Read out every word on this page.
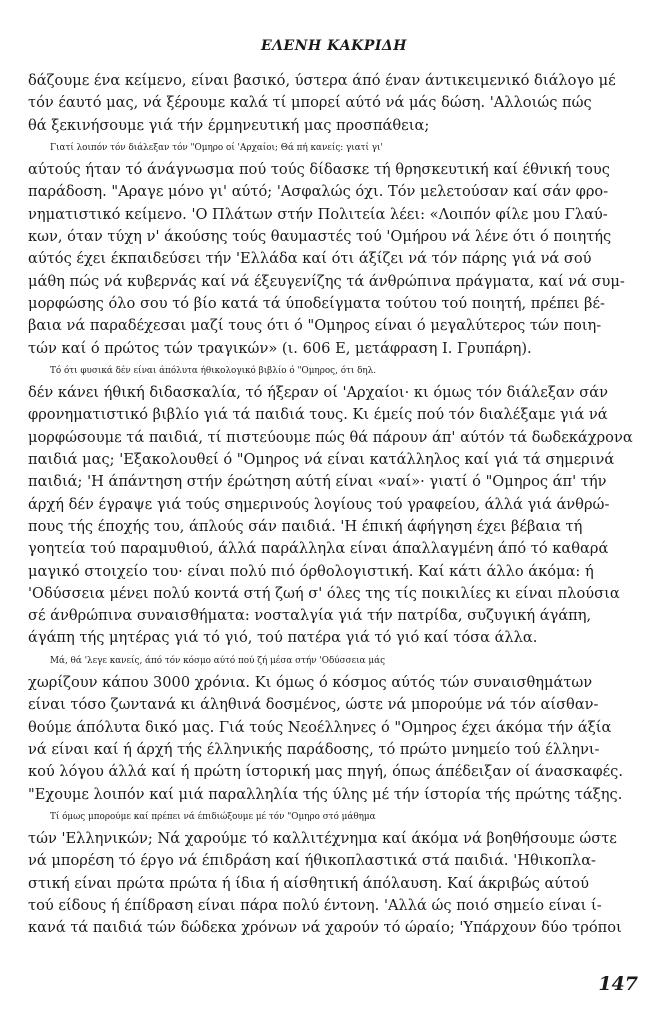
ΕΛΕΝΗ ΚΑΚΡΙΔΗ
δάζουμε ένα κείμενο, είναι βασικό, ύστερα άπό έναν άντικειμενικό διάλογο μέ
τόν έαυτό μας, νά ξέρουμε καλά τί μπορεί αύτό νά μάς δώση. 'Αλλοιώς πώς
θά ξεκινήσουμε γιά τήν έρμηνευτική μας προσπάθεια;
Γιατί λοιπόν τόν διάλεξαν τόν "Ομηρο οί 'Αρχαίοι; Θά πή κανείς: γιατί γι'
αύτούς ήταν τό άνάγνωσμα πού τούς δίδασκε τή θρησκευτική καί έθνική τους
παράδοση. "Αραγε μόνο γι' αύτό; 'Ασφαλώς όχι. Τόν μελετούσαν καί σάν φρο-
νηματιστικό κείμενο. 'Ο Πλάτων στήν Πολιτεία λέει: «Λοιπόν φίλε μου Γλαύ-
κων, όταν τύχη ν' άκούσης τούς θαυμαστές τού 'Ομήρου νά λένε ότι ό ποιητής
αύτός έχει έκπαιδεύσει τήν 'Ελλάδα καί ότι άξίζει νά τόν πάρης γιά νά σού
μάθη πώς νά κυβερνάς καί νά έξευγενίζης τά άνθρώπινα πράγματα, καί νά συμ-
μορφώσης όλο σου τό βίο κατά τά ύποδείγματα τούτου τού ποιητή, πρέπει βέ-
βαια νά παραδέχεσαι μαζί τους ότι ό "Ομηρος είναι ό μεγαλύτερος τών ποιη-
τών καί ό πρώτος τών τραγικών» (ι. 606 Ε, μετάφραση Ι. Γρυπάρη).
Τό ότι φυσικά δέν είναι άπόλυτα ήθικολογικό βιβλίο ό "Ομηρος, ότι δηλ.
δέν κάνει ήθική διδασκαλία, τό ήξεραν οί 'Αρχαίοι· κι όμως τόν διάλεξαν σάν
φρονηματιστικό βιβλίο γιά τά παιδιά τους. Κι έμείς πού τόν διαλέξαμε γιά νά
μορφώσουμε τά παιδιά, τί πιστεύουμε πώς θά πάρουν άπ' αύτόν τά δωδεκάχρονα
παιδιά μας; 'Εξακολουθεί ό "Ομηρος νά είναι κατάλληλος καί γιά τά σημερινά
παιδιά; 'Η άπάντηση στήν έρώτηση αύτή είναι «ναί»· γιατί ό "Ομηρος άπ' τήν
άρχή δέν έγραψε γιά τούς σημερινούς λογίους τού γραφείου, άλλά γιά άνθρώ-
πους τής έποχής του, άπλούς σάν παιδιά. 'Η έπική άφήγηση έχει βέβαια τή
γοητεία τού παραμυθιού, άλλά παράλληλα είναι άπαλλαγμένη άπό τό καθαρά
μαγικό στοιχείο του· είναι πολύ πιό όρθολογιστική. Καί κάτι άλλο άκόμα: ή
'Οδύσσεια μένει πολύ κοντά στή ζωή σ' όλες της τίς ποικιλίες κι είναι πλούσια
σέ άνθρώπινα συναισθήματα: νοσταλγία γιά τήν πατρίδα, συζυγική άγάπη,
άγάπη τής μητέρας γιά τό γιό, τού πατέρα γιά τό γιό καί τόσα άλλα.
Μά, θά 'λεγε κανείς, άπό τόν κόσμο αύτό πού ζή μέσα στήν 'Οδύσσεια μάς
χωρίζουν κάπου 3000 χρόνια. Κι όμως ό κόσμος αύτός τών συναισθημάτων
είναι τόσο ζωντανά κι άληθινά δοσμένος, ώστε νά μπορούμε νά τόν αίσθαν-
θούμε άπόλυτα δικό μας. Γιά τούς Νεοέλληνες ό "Ομηρος έχει άκόμα τήν άξία
νά είναι καί ή άρχή τής έλληνικής παράδοσης, τό πρώτο μνημείο τού έλληνι-
κού λόγου άλλά καί ή πρώτη ίστορική μας πηγή, όπως άπέδειξαν οί άνασκαφές.
"Εχουμε λοιπόν καί μιά παραλληλία τής ύλης μέ τήν ίστορία τής πρώτης τάξης.
Τί όμως μπορούμε καί πρέπει νά έπιδιώξουμε μέ τόν "Ομηρο στό μάθημα
τών 'Ελληνικών; Νά χαρούμε τό καλλιτέχνημα καί άκόμα νά βοηθήσουμε ώστε
νά μπορέση τό έργο νά έπιδράση καί ήθικοπλαστικά στά παιδιά. 'Ηθικοπλα-
στική είναι πρώτα πρώτα ή ίδια ή αίσθητική άπόλαυση. Καί άκριβώς αύτού
τού είδους ή έπίδραση είναι πάρα πολύ έντονη. 'Αλλά ώς ποιό σημείο είναι ί-
κανά τά παιδιά τών δώδεκα χρόνων νά χαρούν τό ώραίο; 'Υπάρχουν δύο τρόποι
147
